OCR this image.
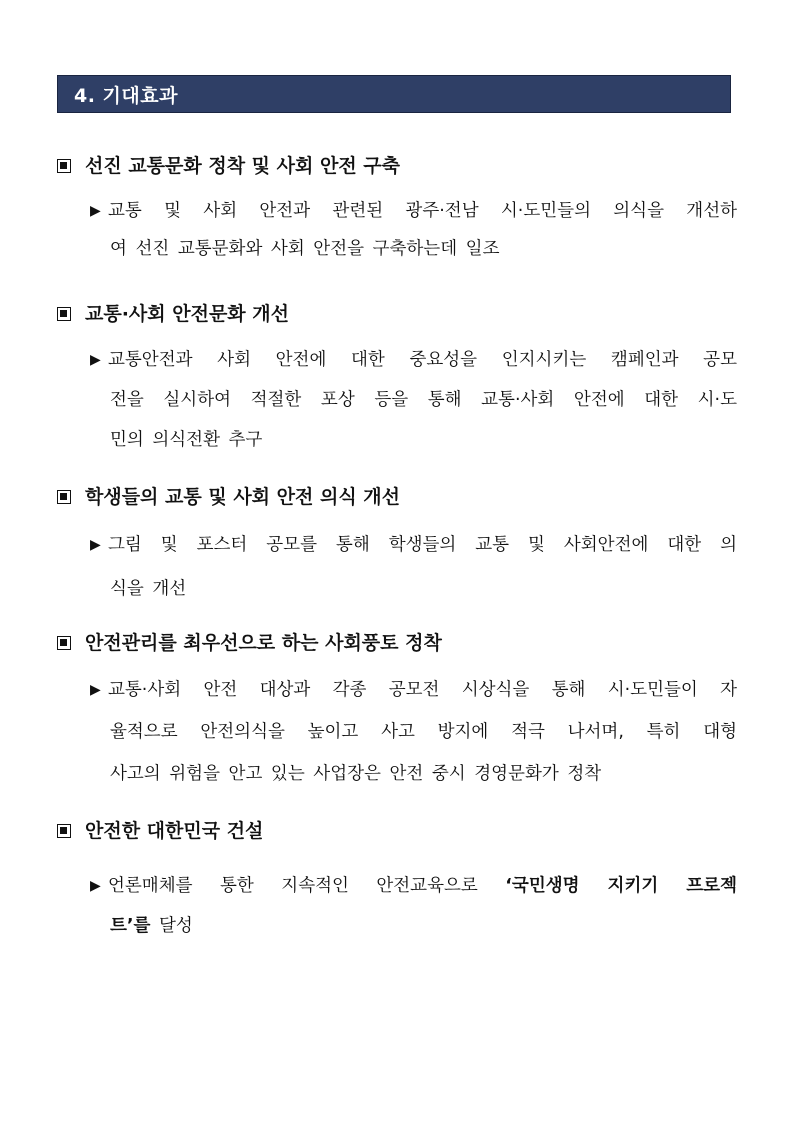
4. 기대효과
선진 교통문화 정착 및 사회 안전 구축
▶ 교통 및 사회 안전과 관련된 광주·전남 시·도민들의 의식을 개선하
여 선진 교통문화와 사회 안전을 구축하는데 일조
교통·사회 안전문화 개선
▶ 교통안전과 사회 안전에 대한 중요성을 인지시키는 캠페인과 공모
전을 실시하여 적절한 포상 등을 통해 교통·사회 안전에 대한 시·도
민의 의식전환 추구
학생들의 교통 및 사회 안전 의식 개선
▶ 그림 및 포스터 공모를 통해 학생들의 교통 및 사회안전에 대한 의
식을 개선
안전관리를 최우선으로 하는 사회풍토 정착
▶ 교통·사회 안전 대상과 각종 공모전 시상식을 통해 시·도민들이 자
율적으로 안전의식을 높이고 사고 방지에 적극 나서며, 특히 대형
사고의 위험을 안고 있는 사업장은 안전 중시 경영문화가 정착
안전한 대한민국 건설
▶ 언론매체를 통한 지속적인 안전교육으로 ‘국민생명 지키기 프로젝
트’를 달성
